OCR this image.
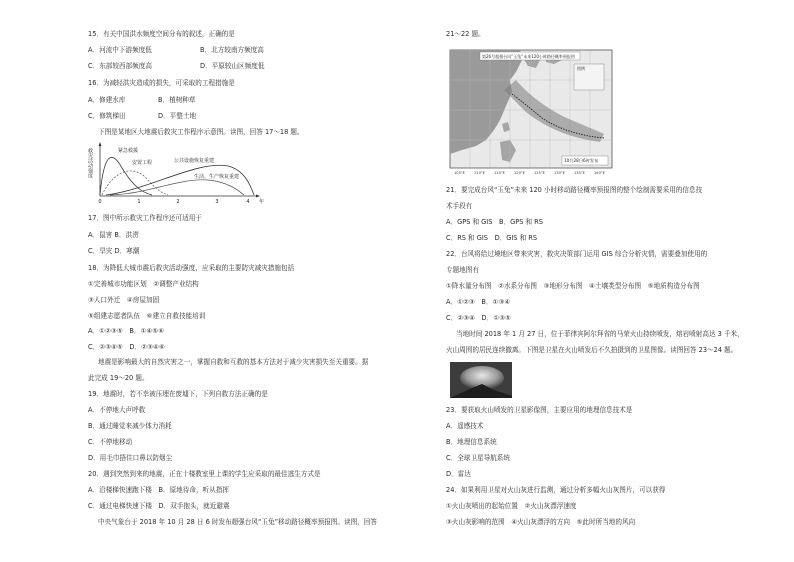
15．有关中国洪水频度空间分布的叙述，正确的是
A．河流中下游频度低	B．北方较南方频度高
C．东部较西部频度高	D．平原较山区频度低
16．为减轻洪灾造成的损失，可采取的工程措施是
A．修建水库	B．植树种草
C．修筑梯田	D．平整土地
下图是某地区大地震后救灾工作程序示意图。读图，回答 17～18 题。
救灾活动强度	紧急救援
安置工程	公共设施恢复重建
生活、生产恢复重建
0	1	2	3	4 年
17．图中所示救灾工作程序还可适用于
A．鼠害 B．洪涝
C．旱灾 D．寒潮
18．为降低大城市震后救灾活动强度，应采取的主要防灾减灾措施包括
①完善城市功能区划　②调整产业结构
③人口外迁　④房屋加固
⑤组建志愿者队伍　⑥建立自救技能培训
A．①②③⑤　B．①④⑤⑥
C．②③④⑤　D．②③④⑥
地震是影响最大的自然灾害之一，掌握自救和互救的基本方法对于减少灾害损失至关重要。据
此完成 19～20 题。
19．地震时，若不幸被压埋在废墟下，下列自救方法正确的是
A．不停地大声呼救
B．通过睡觉来减少体力消耗
C．不停地移动
D．用毛巾捂住口鼻以防烟尘
20．遇到突然到来的地震，正在十楼教室里上课的学生应采取的最佳逃生方式是
A．沿楼梯快速跑下楼　B．原地待命，听从指挥
C．通过电梯快速下楼　D．双手抱头，就近避震
中央气象台于 2018 年 10 月 28 日 6 时发布超强台风“玉兔”移动路径概率预报图。读图，回答
21～22 题。
第26号超强台风“玉兔”未来120小时路径概率预报图
图例
10月28日6时发布
105°E	110°E	115°E	120°E	125°E	130°E	135°E	140°E
21．要完成台风“玉兔”未来 120 小时移动路径概率预报图的整个绘制需要采用的信息技
术手段有
A．GPS 和 GIS　B．GPS 和 RS
C．RS 和 GIS　D．GIS 和 RS
22．台风将给过境地区带来灾害，救灾决策部门运用 GIS 综合分析灾情，需要叠加使用的
专题地图有
①降水量分布图　②水系分布图　③地形分布图　④土壤类型分布图　⑤地质构造分布图
A．①②③　B．①③④
C．②③④　D．①③⑤
当地时间 2018 年 1 月 27 日，位于菲律宾阿尔拜省的马荣火山持续喷发，熔岩喷射高达 3 千米，
火山周围的居民连续撤离。下图是卫星在火山喷发后不久拍摄到的卫星图像。读图回答 23～24 题。
23．要获取火山喷发的卫星影像图，主要应用的地理信息技术是
A．遥感技术
B．地理信息系统
C．全球卫星导航系统
D．雷达
24．如果利用卫星对火山灰进行监测，通过分析多幅火山灰图片，可以获得
①火山灰喷出的起始位置　②火山灰漂浮速度
③火山灰影响的范围　④火山灰漂浮的方向　⑤此时所当地的风向
